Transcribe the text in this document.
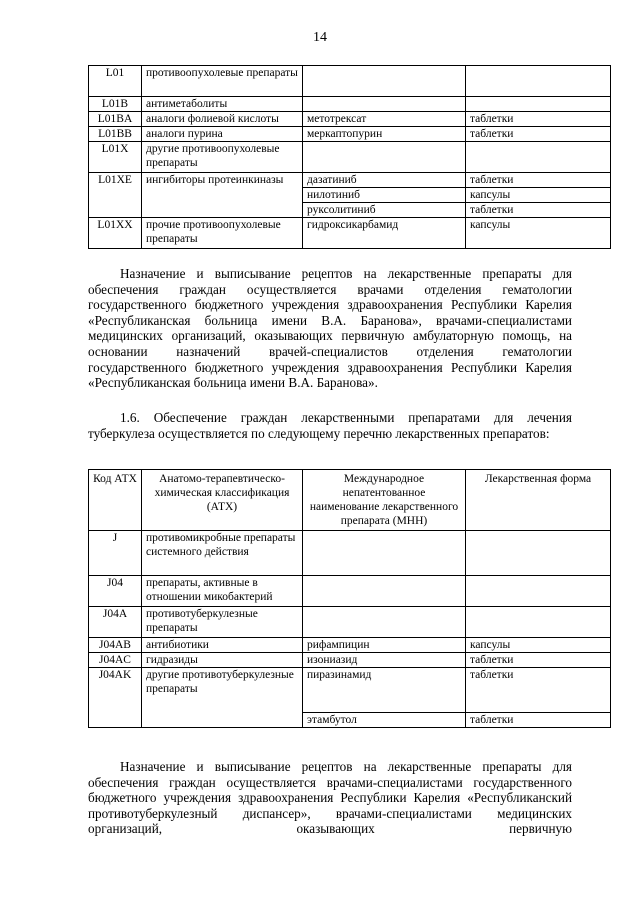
14
L01	противоопухолевые препараты		
L01B	антиметаболиты		
L01BA	аналоги фолиевой кислоты	метотрексат	таблетки
L01BB	аналоги пурина	меркаптопурин	таблетки
L01X	другие противоопухолевые препараты		
L01XE	ингибиторы протеинкиназы	дазатиниб	таблетки
		нилотиниб	капсулы
		руксолитиниб	таблетки
L01XX	прочие противоопухолевые препараты	гидроксикарбамид	капсулы

Назначение и выписывание рецептов на лекарственные препараты для обеспечения граждан осуществляется врачами отделения гематологии государственного бюджетного учреждения здравоохранения Республики Карелия «Республиканская больница имени В.А. Баранова», врачами-специалистами медицинских организаций, оказывающих первичную амбулаторную помощь, на основании назначений врачей-специалистов отделения гематологии государственного бюджетного учреждения здравоохранения Республики Карелия «Республиканская больница имени В.А. Баранова».

1.6. Обеспечение граждан лекарственными препаратами для лечения туберкулеза осуществляется по следующему перечню лекарственных препаратов:

Код АТХ	Анатомо-терапевтическо-химическая классификация (АТХ)	Международное непатентованное наименование лекарственного препарата (МНН)	Лекарственная форма
J	противомикробные препараты системного действия		
J04	препараты, активные в отношении микобактерий		
J04A	противотуберкулезные препараты		
J04AB	антибиотики	рифампицин	капсулы
J04AC	гидразиды	изониазид	таблетки
J04AK	другие противотуберкулезные препараты	пиразинамид	таблетки
		этамбутол	таблетки

Назначение и выписывание рецептов на лекарственные препараты для обеспечения граждан осуществляется врачами-специалистами государственного бюджетного учреждения здравоохранения Республики Карелия «Республиканский противотуберкулезный диспансер», врачами-специалистами медицинских организаций, оказывающих первичную
